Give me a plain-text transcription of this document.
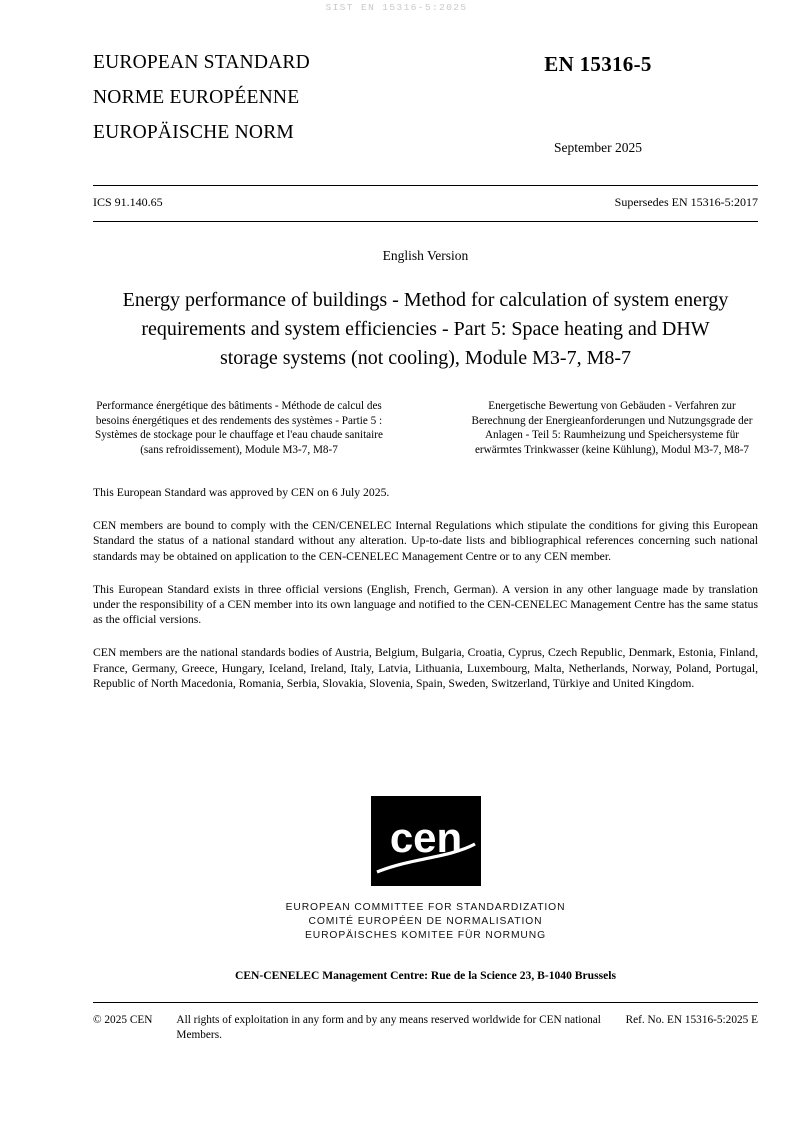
SIST EN 15316-5:2025
EUROPEAN STANDARD
NORME EUROPÉENNE
EUROPÄISCHE NORM
EN 15316-5
September 2025
ICS 91.140.65	Supersedes EN 15316-5:2017
English Version
Energy performance of buildings - Method for calculation of system energy requirements and system efficiencies - Part 5: Space heating and DHW storage systems (not cooling), Module M3-7, M8-7
Performance énergétique des bâtiments - Méthode de calcul des besoins énergétiques et des rendements des systèmes - Partie 5 : Systèmes de stockage pour le chauffage et l'eau chaude sanitaire (sans refroidissement), Module M3-7, M8-7
Energetische Bewertung von Gebäuden - Verfahren zur Berechnung der Energieanforderungen und Nutzungsgrade der Anlagen - Teil 5: Raumheizung und Speichersysteme für erwärmtes Trinkwasser (keine Kühlung), Modul M3-7, M8-7
This European Standard was approved by CEN on 6 July 2025.
CEN members are bound to comply with the CEN/CENELEC Internal Regulations which stipulate the conditions for giving this European Standard the status of a national standard without any alteration. Up-to-date lists and bibliographical references concerning such national standards may be obtained on application to the CEN-CENELEC Management Centre or to any CEN member.
This European Standard exists in three official versions (English, French, German). A version in any other language made by translation under the responsibility of a CEN member into its own language and notified to the CEN-CENELEC Management Centre has the same status as the official versions.
CEN members are the national standards bodies of Austria, Belgium, Bulgaria, Croatia, Cyprus, Czech Republic, Denmark, Estonia, Finland, France, Germany, Greece, Hungary, Iceland, Ireland, Italy, Latvia, Lithuania, Luxembourg, Malta, Netherlands, Norway, Poland, Portugal, Republic of North Macedonia, Romania, Serbia, Slovakia, Slovenia, Spain, Sweden, Switzerland, Türkiye and United Kingdom.
cen
EUROPEAN COMMITTEE FOR STANDARDIZATION
COMITÉ EUROPÉEN DE NORMALISATION
EUROPÄISCHES KOMITEE FÜR NORMUNG
CEN-CENELEC Management Centre: Rue de la Science 23, B-1040 Brussels
© 2025 CEN All rights of exploitation in any form and by any means reserved worldwide for CEN national Members.
Ref. No. EN 15316-5:2025 E
